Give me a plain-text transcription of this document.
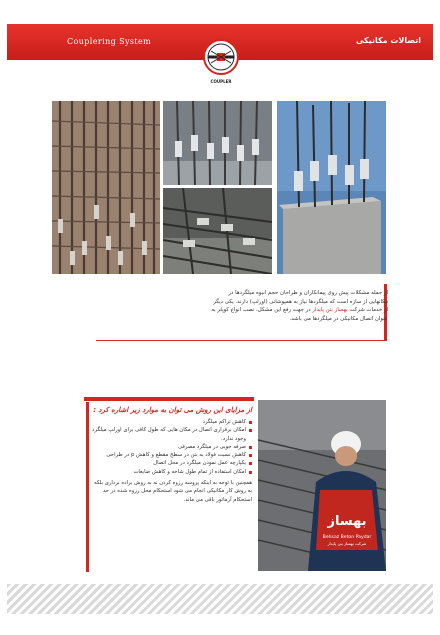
Couplering System	اتصالات مکانیکی
COUPLER
از جمله مشکلات پیش روی پیمانکاران و طراحان حجم انبوه میلگردها در مکانهایی از سازه است که میلگردها نیاز به همپوشانی (اورلپ) دارند. یکی دیگر از خدمات شرکت بهساز بتن پایدار در جهت رفع این مشکل، نصب انواع کوپلر به عنوان اتصال مکانیکی در میلگردها می باشد.
از مزایای این روش می توان به موارد زیر اشاره کرد :
کاهش تراکم میلگرد
امکان برقراری اتصال در مکان هایی که طول کافی برای اورلپ میلگرد وجود ندارد.
صرفه جویی در میلگرد مصرفی
کاهش نسبت فولاد به بتن در سطح مقطع و کاهش p در طراحی
یکپارچه عمل نمودن میلگرد در محل اتصال
امکان استفاده از تمام طول شاخه و کاهش ضایعات
همچنین با توجه به اینکه پروسه رزوه کردن نه به روش براده برداری بلکه به روش کار مکانیکی انجام می شود استحکام محل رزوه شده در حد استحکام آرماتور باقی می ماند.
بهساز
Behsaz Beton Paydar
شرکت بهساز بتن پایدار
